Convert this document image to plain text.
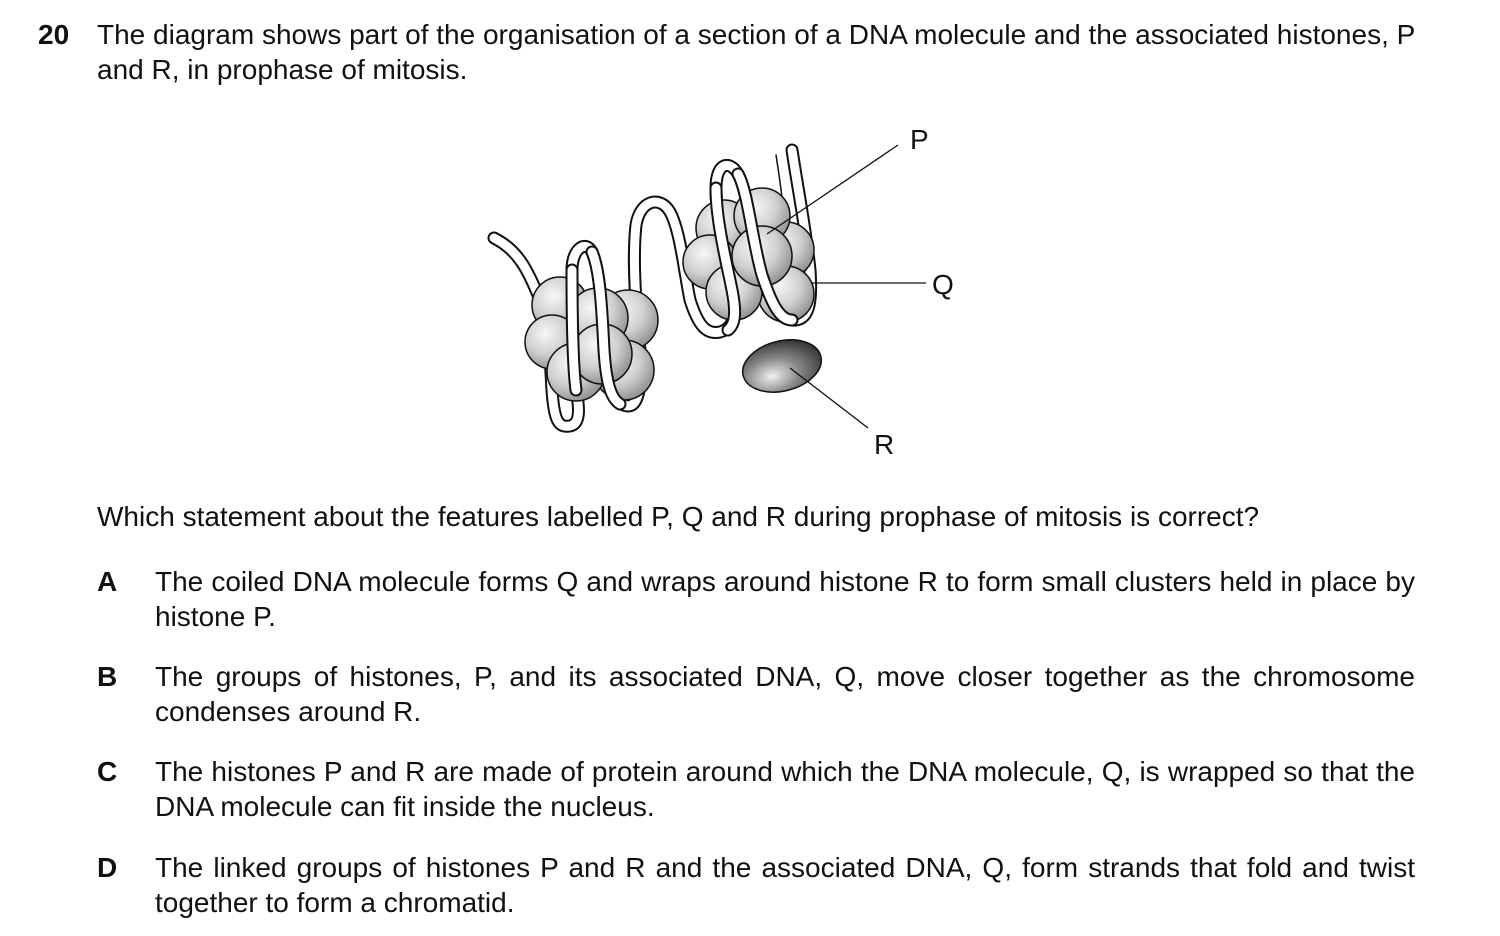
20 The diagram shows part of the organisation of a section of a DNA molecule and the associated histones, P and R, in prophase of mitosis.

P
Q
R
Which statement about the features labelled P, Q and R during prophase of mitosis is correct?
A The coiled DNA molecule forms Q and wraps around histone R to form small clusters held in place by histone P.
B The groups of histones, P, and its associated DNA, Q, move closer together as the chromosome condenses around R.
C The histones P and R are made of protein around which the DNA molecule, Q, is wrapped so that the DNA molecule can fit inside the nucleus.
D The linked groups of histones P and R and the associated DNA, Q, form strands that fold and twist together to form a chromatid.
